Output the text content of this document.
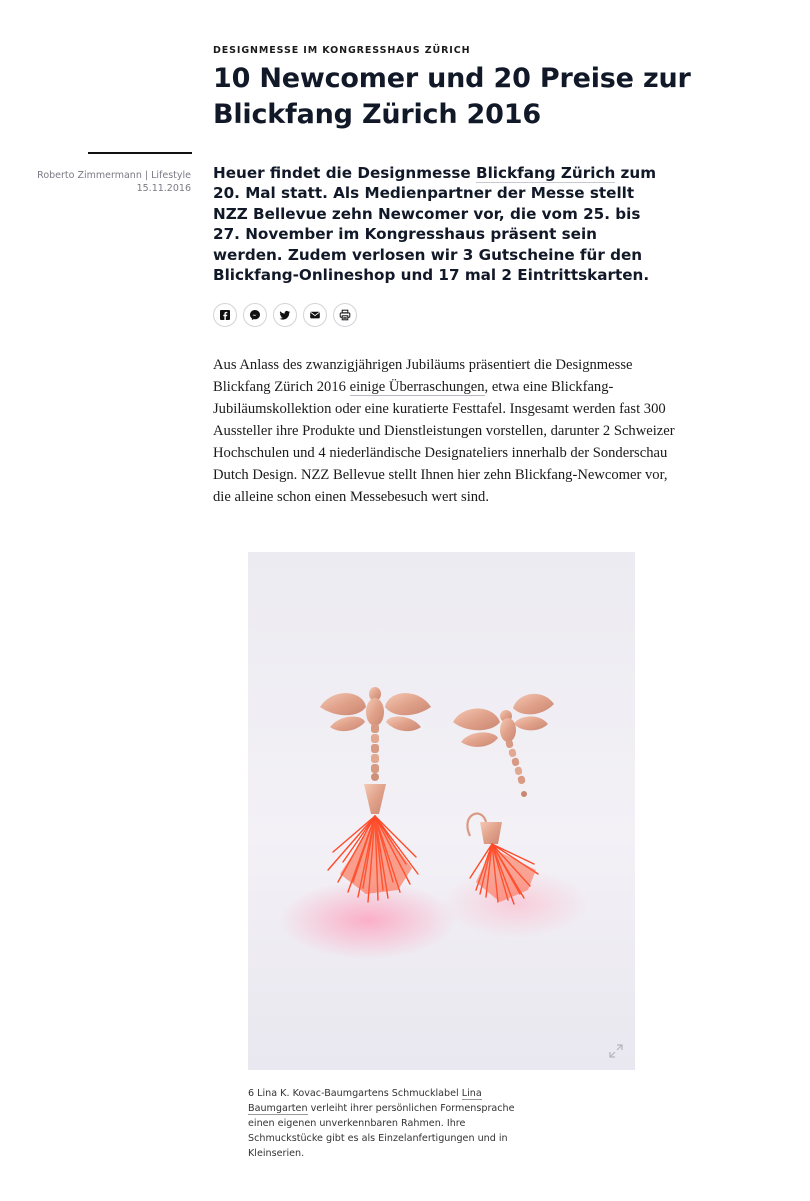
DESIGNMESSE IM KONGRESSHAUS ZÜRICH
10 Newcomer und 20 Preise zur Blickfang Zürich 2016
Roberto Zimmermann | Lifestyle
15.11.2016

Heuer findet die Designmesse Blickfang Zürich zum 20. Mal statt. Als Medienpartner der Messe stellt NZZ Bellevue zehn Newcomer vor, die vom 25. bis 27. November im Kongresshaus präsent sein werden. Zudem verlosen wir 3 Gutscheine für den Blickfang-Onlineshop und 17 mal 2 Eintrittskarten.

Aus Anlass des zwanzigjährigen Jubiläums präsentiert die Designmesse Blickfang Zürich 2016 einige Überraschungen, etwa eine Blickfang-Jubiläumskollektion oder eine kuratierte Festtafel. Insgesamt werden fast 300 Aussteller ihre Produkte und Dienstleistungen vorstellen, darunter 2 Schweizer Hochschulen und 4 niederländische Designateliers innerhalb der Sonderschau Dutch Design. NZZ Bellevue stellt Ihnen hier zehn Blickfang-Newcomer vor, die alleine schon einen Messebesuch wert sind.

6 Lina K. Kovac-Baumgartens Schmucklabel Lina Baumgarten verleiht ihrer persönlichen Formensprache einen eigenen unverkennbaren Rahmen. Ihre Schmuckstücke gibt es als Einzelanfertigungen und in Kleinserien.
